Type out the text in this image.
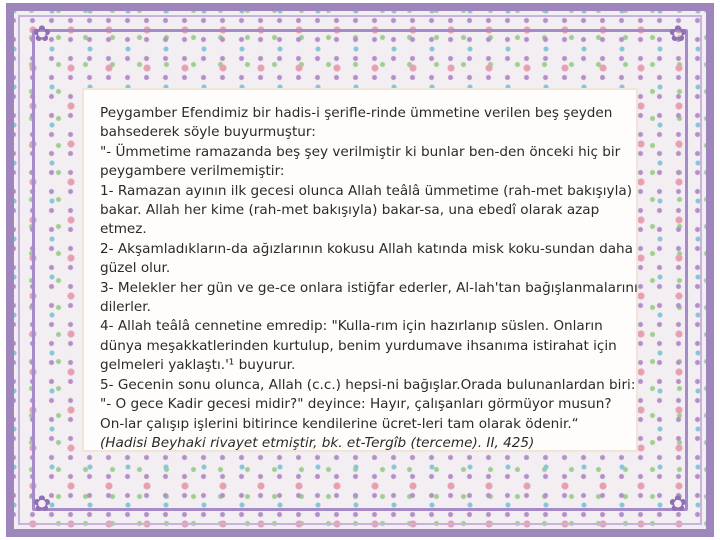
✿	✿
✿	✿

Peygamber Efendimiz bir hadis-i şerifle-rinde ümmetine verilen beş şeyden

bahsederek söyle buyurmuştur:

"- Ümmetime ramazanda beş şey verilmiştir ki bunlar ben-den önceki hiç bir

peygambere verilmemiştir:

1- Ramazan ayının ilk gecesi olunca Allah teâlâ ümmetime (rah-met bakışıyla)

bakar. Allah her kime (rah-met bakışıyla) bakar-sa, una ebedî olarak azap etmez.

2- Akşamladıkların-da ağızlarının kokusu Allah katında misk koku-sundan daha

güzel olur.

3- Melekler her gün ve ge-ce onlara istiğfar ederler, Al-lah'tan bağışlanmalarını

dilerler.

4- Allah teâlâ cennetine emredip: "Kulla-rım için hazırlanıp süslen. Onların

dünya meşakkatlerinden kurtulup, benim yurdumave ihsanıma istirahat için

gelmeleri yaklaştı.'¹ buyurur.

5- Gecenin sonu olunca, Allah (c.c.) hepsi-ni bağışlar.Orada bulunanlardan biri:

"- O gece Kadir gecesi midir?" deyince: Hayır, çalışanları görmüyor musun?

On-lar çalışıp işlerini bitirince kendilerine ücret-leri tam olarak ödenir.“

(Hadisi Beyhaki rivayet etmiştir, bk. et-Tergîb (terceme). II, 425)
